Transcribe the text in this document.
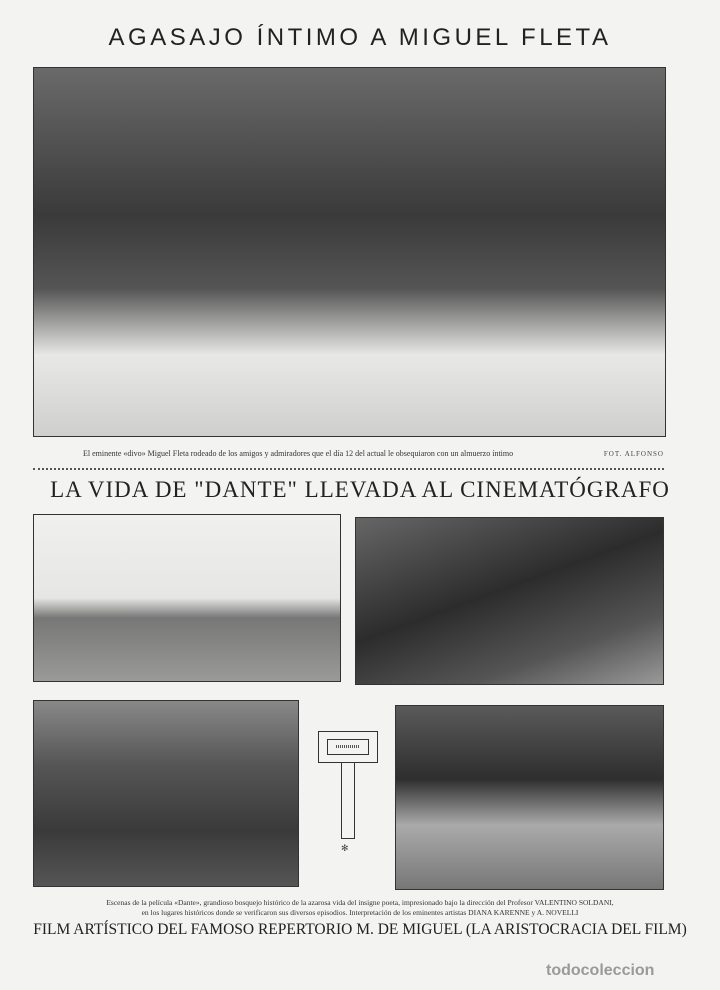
AGASAJO ÍNTIMO A MIGUEL FLETA
El eminente «divo» Miguel Fleta rodeado de los amigos y admiradores que el día 12 del actual le obsequiaron con un almuerzo íntimo	FOT. ALFONSO
LA VIDA DE "DANTE" LLEVADA AL CINEMATÓGRAFO
✻
Escenas de la película «Dante», grandioso bosquejo histórico de la azarosa vida del insigne poeta, impresionado bajo la dirección del Profesor VALENTINO SOLDANI,
en los lugares históricos donde se verificaron sus diversos episodios. Interpretación de los eminentes artistas DIANA KARENNE y A. NOVELLI
FILM ARTÍSTICO DEL FAMOSO REPERTORIO M. DE MIGUEL (LA ARISTOCRACIA DEL FILM)
todocoleccion
